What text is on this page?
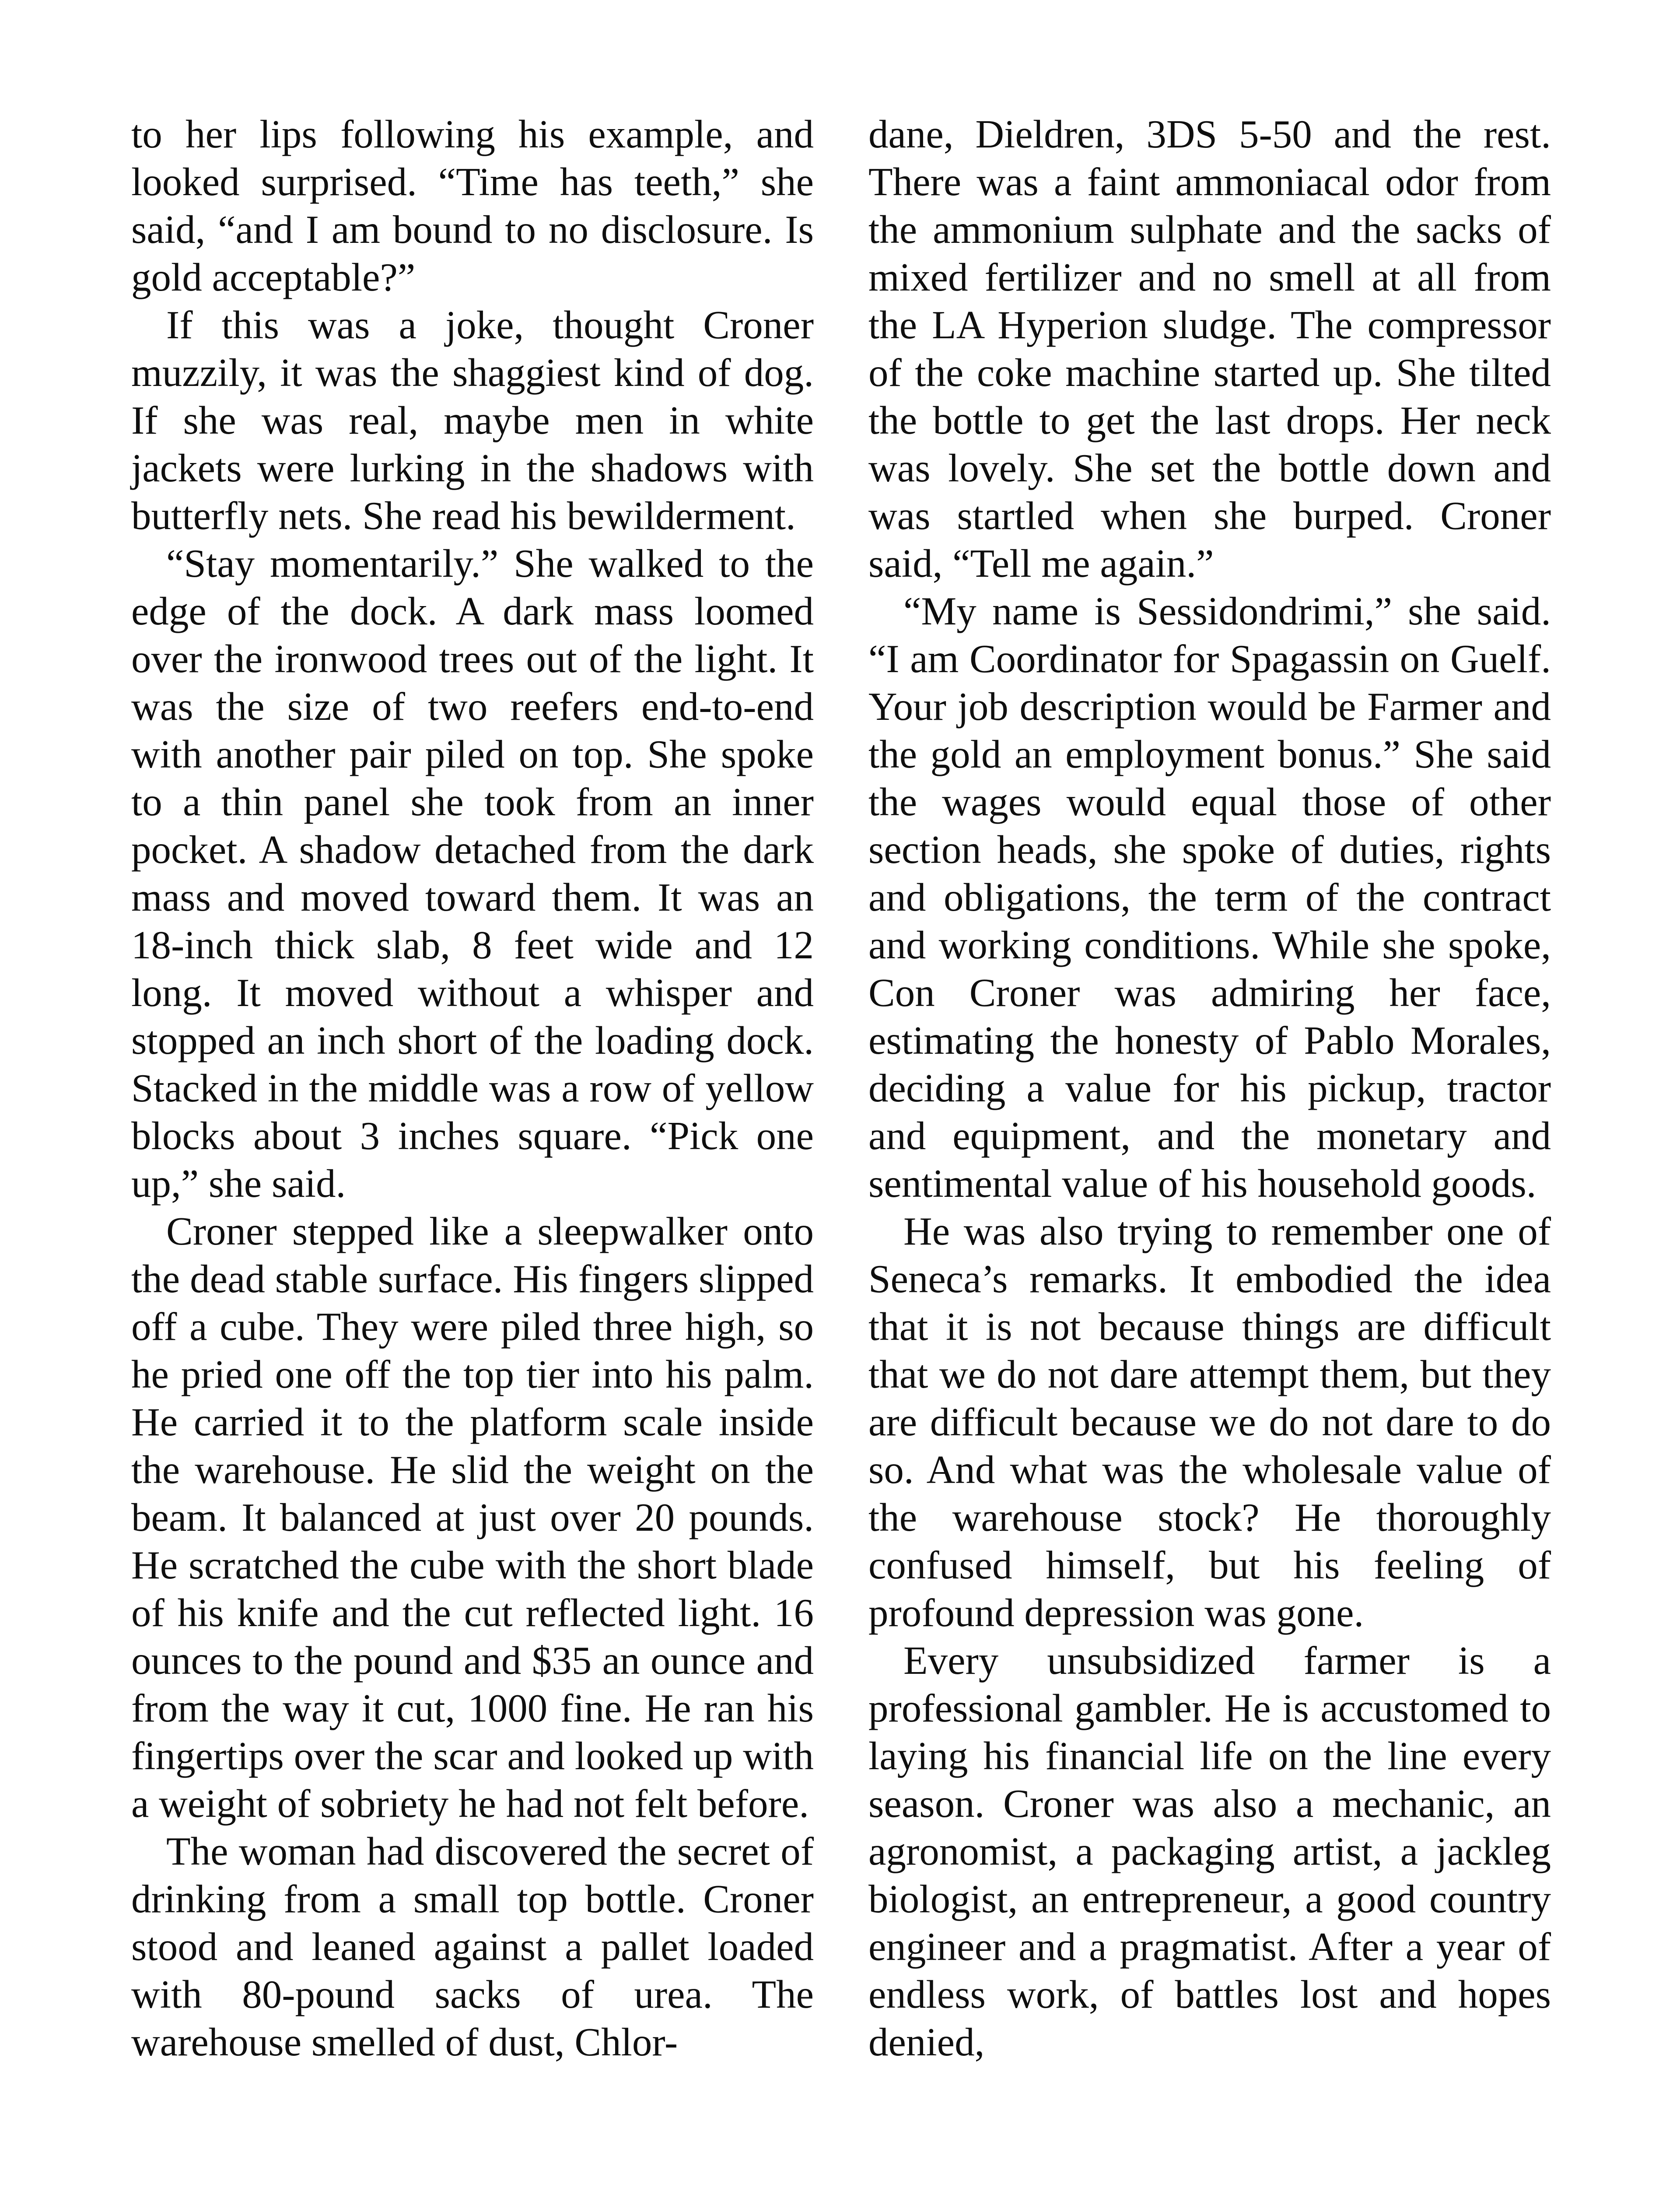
to her lips following his example, and looked surprised. “Time has teeth,” she said, “and I am bound to no disclosure. Is gold acceptable?”

If this was a joke, thought Croner muzzily, it was the shaggiest kind of dog. If she was real, maybe men in white jackets were lurking in the shadows with butterfly nets. She read his bewilderment.

“Stay momentarily.” She walked to the edge of the dock. A dark mass loomed over the ironwood trees out of the light. It was the size of two reefers end-to-end with another pair piled on top. She spoke to a thin panel she took from an inner pocket. A shadow detached from the dark mass and moved toward them. It was an 18-inch thick slab, 8 feet wide and 12 long. It moved without a whisper and stopped an inch short of the loading dock. Stacked in the middle was a row of yellow blocks about 3 inches square. “Pick one up,” she said.

Croner stepped like a sleepwalker onto the dead stable surface. His fingers slipped off a cube. They were piled three high, so he pried one off the top tier into his palm. He carried it to the platform scale inside the warehouse. He slid the weight on the beam. It balanced at just over 20 pounds. He scratched the cube with the short blade of his knife and the cut reflected light. 16 ounces to the pound and $35 an ounce and from the way it cut, 1000 fine. He ran his fingertips over the scar and looked up with a weight of sobriety he had not felt before.

The woman had discovered the secret of drinking from a small top bottle. Croner stood and leaned against a pallet loaded with 80-pound sacks of urea. The warehouse smelled of dust, Chlor-

dane, Dieldren, 3DS 5-50 and the rest. There was a faint ammoniacal odor from the ammonium sulphate and the sacks of mixed fertilizer and no smell at all from the LA Hyperion sludge. The compressor of the coke machine started up. She tilted the bottle to get the last drops. Her neck was lovely. She set the bottle down and was startled when she burped. Croner said, “Tell me again.”

“My name is Sessidondrimi,” she said. “I am Coordinator for Spagassin on Guelf. Your job description would be Farmer and the gold an employment bonus.” She said the wages would equal those of other section heads, she spoke of duties, rights and obligations, the term of the contract and working conditions. While she spoke, Con Croner was admiring her face, estimating the honesty of Pablo Morales, deciding a value for his pickup, tractor and equipment, and the monetary and sentimental value of his household goods.

He was also trying to remember one of Seneca’s remarks. It embodied the idea that it is not because things are difficult that we do not dare attempt them, but they are difficult because we do not dare to do so. And what was the wholesale value of the warehouse stock? He thoroughly confused himself, but his feeling of profound depression was gone.

Every unsubsidized farmer is a professional gambler. He is accustomed to laying his financial life on the line every season. Croner was also a mechanic, an agronomist, a packaging artist, a jackleg biologist, an entrepreneur, a good country engineer and a pragmatist. After a year of endless work, of battles lost and hopes denied,
